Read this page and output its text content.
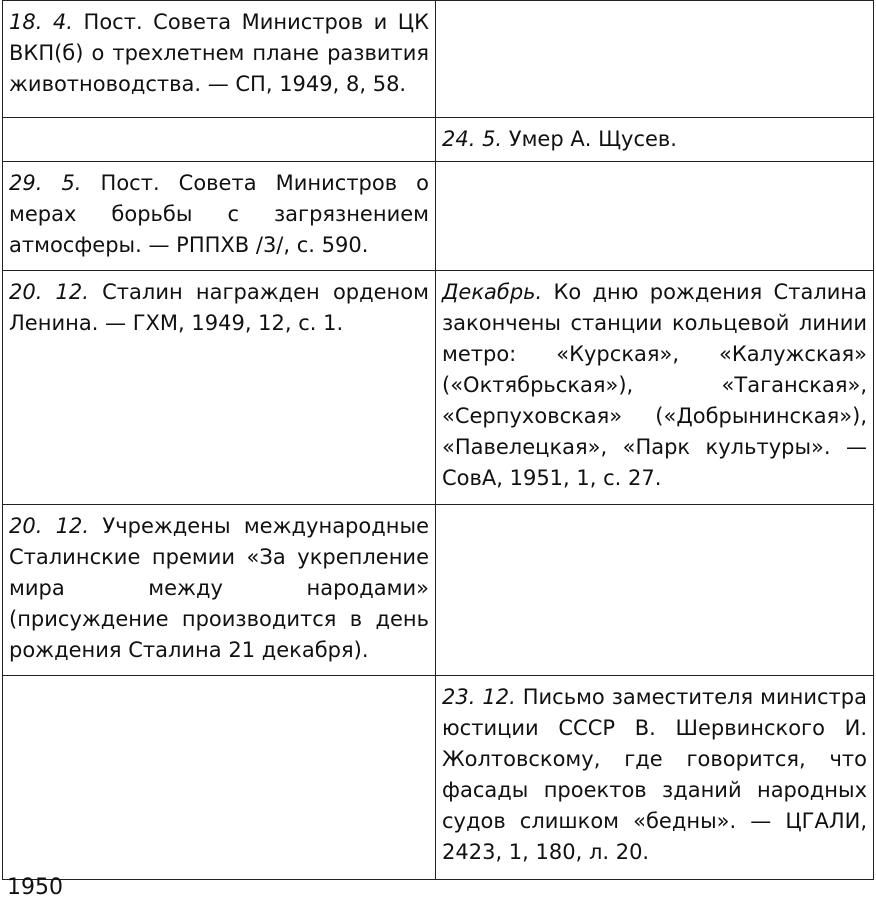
18. 4. Пост. Совета Министров и ЦК ВКП(б) о трехлетнем плане развития животноводства. — СП, 1949, 8, 58.	
	24. 5. Умер А. Щусев.
29. 5. Пост. Совета Министров о мерах борьбы с загрязнением атмосферы. — РППХВ /3/, с. 590.	
20. 12. Сталин награжден орденом Ленина. — ГХМ, 1949, 12, с. 1.	Декабрь. Ко дню рождения Сталина закончены станции кольцевой линии метро: «Курская», «Калужская» («Октябрьская»), «Таганская», «Серпуховская» («Добрынинская»), «Павелецкая», «Парк культуры». — СовА, 1951, 1, с. 27.
20. 12. Учреждены международные Сталинские премии «За укрепление мира между народами» (присуждение производится в день рождения Сталина 21 декабря).	
	23. 12. Письмо заместителя министра юстиции СССР В. Шервинского И. Жолтовскому, где говорится, что фасады проектов зданий народных судов слишком «бедны». — ЦГАЛИ, 2423, 1, 180, л. 20.
1950
